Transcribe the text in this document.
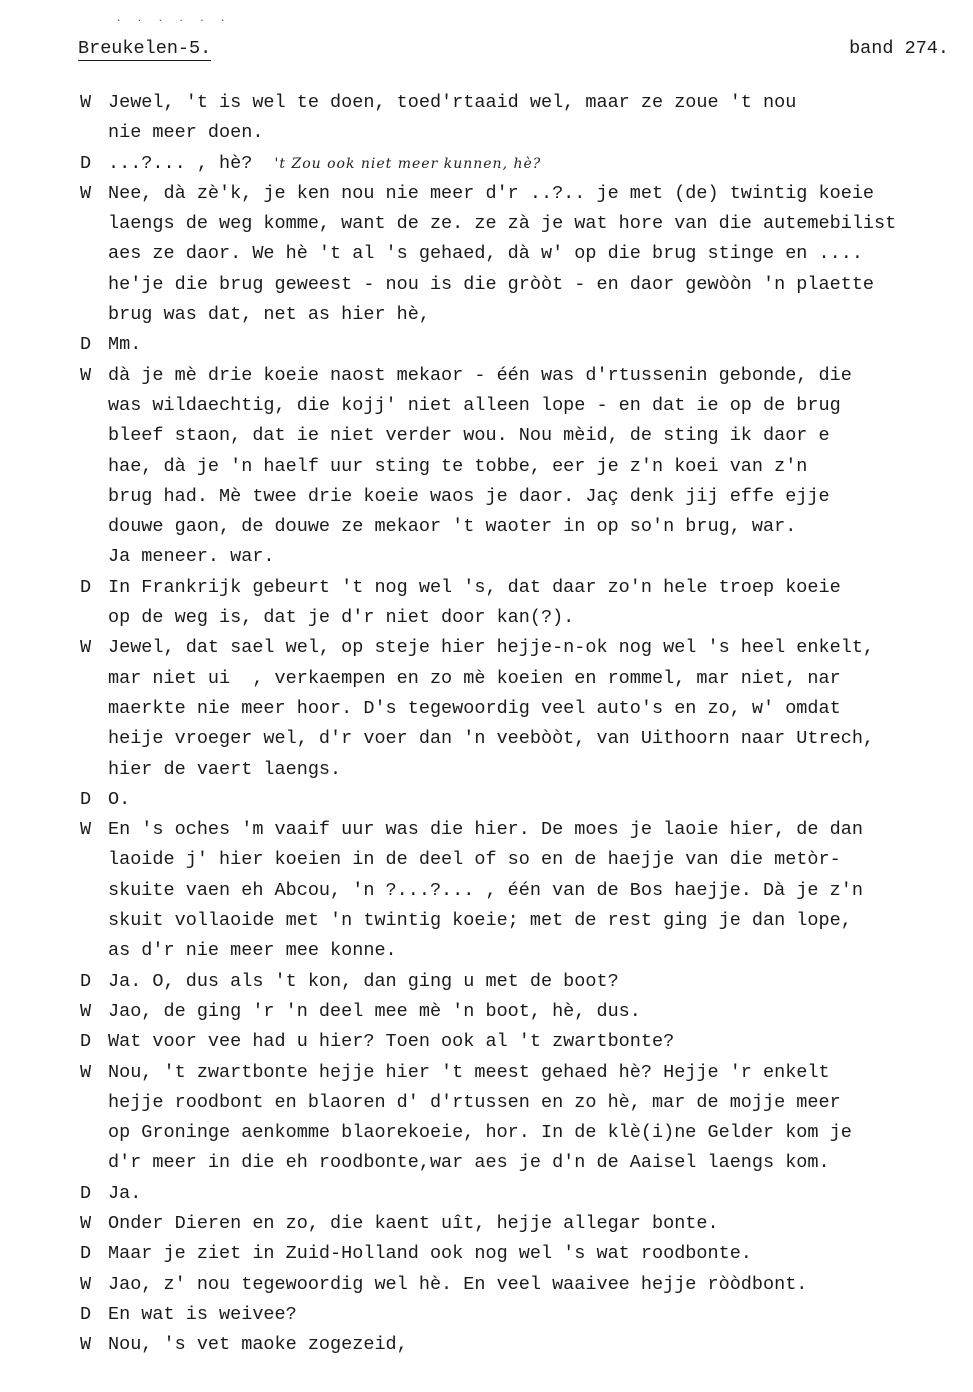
. . . . . .
Breukelen-5.	band 274.
W Jewel, 't is wel te doen, toed'rtaaid wel, maar ze zoue 't nou
nie meer doen.
D ...?... , hè? 't Zou ook niet meer kunnen, hè?
W Nee, dà zè'k, je ken nou nie meer d'r ..?.. je met (de) twintig koeie
laengs de weg komme, want de ze. ze zà je wat hore van die autemebilist
aes ze daor. We hè 't al 's gehaed, dà w' op die brug stinge en ....
he'je die brug geweest - nou is die gròòt - en daor gewòòn 'n plaette
brug was dat, net as hier hè,
D Mm.
W dà je mè drie koeie naost mekaor - één was d'rtussenin gebonde, die
was wildaechtig, die kojj' niet alleen lope - en dat ie op de brug
bleef staon, dat ie niet verder wou. Nou mèid, de sting ik daor e
hae, dà je 'n haelf uur sting te tobbe, eer je z'n koei van z'n
brug had. Mè twee drie koeie waos je daor. Jaç denk jij effe ejje
douwe gaon, de douwe ze mekaor 't waoter in op so'n brug, war.
Ja meneer. war.
D In Frankrijk gebeurt 't nog wel 's, dat daar zo'n hele troep koeie
op de weg is, dat je d'r niet door kan(?).
W Jewel, dat sael wel, op steje hier hejje-n-ok nog wel 's heel enkelt,
mar niet ui  , verkaempen en zo mè koeien en rommel, mar niet, nar
maerkte nie meer hoor. D's tegewoordig veel auto's en zo, w' omdat
heije vroeger wel, d'r voer dan 'n veebòòt, van Uithoorn naar Utrech,
hier de vaert laengs.
D O.
W En 's oches 'm vaaif uur was die hier. De moes je laoie hier, de dan
laoide j' hier koeien in de deel of so en de haejje van die metòr-
skuite vaen eh Abcou, 'n ?...?... , één van de Bos haejje. Dà je z'n
skuit vollaoide met 'n twintig koeie; met de rest ging je dan lope,
as d'r nie meer mee konne.
D Ja. O, dus als 't kon, dan ging u met de boot?
W Jao, de ging 'r 'n deel mee mè 'n boot, hè, dus.
D Wat voor vee had u hier? Toen ook al 't zwartbonte?
W Nou, 't zwartbonte hejje hier 't meest gehaed hè? Hejje 'r enkelt
hejje roodbont en blaoren d' d'rtussen en zo hè, mar de mojje meer
op Groninge aenkomme blaorekoeie, hor. In de klè(i)ne Gelder kom je
d'r meer in die eh roodbonte,war aes je d'n de Aaisel laengs kom.
D Ja.
W Onder Dieren en zo, die kaent uît, hejje allegar bonte.
D Maar je ziet in Zuid-Holland ook nog wel 's wat roodbonte.
W Jao, z' nou tegewoordig wel hè. En veel waaivee hejje ròòdbont.
D En wat is weivee?
W Nou, 's vet maoke zogezeid,
